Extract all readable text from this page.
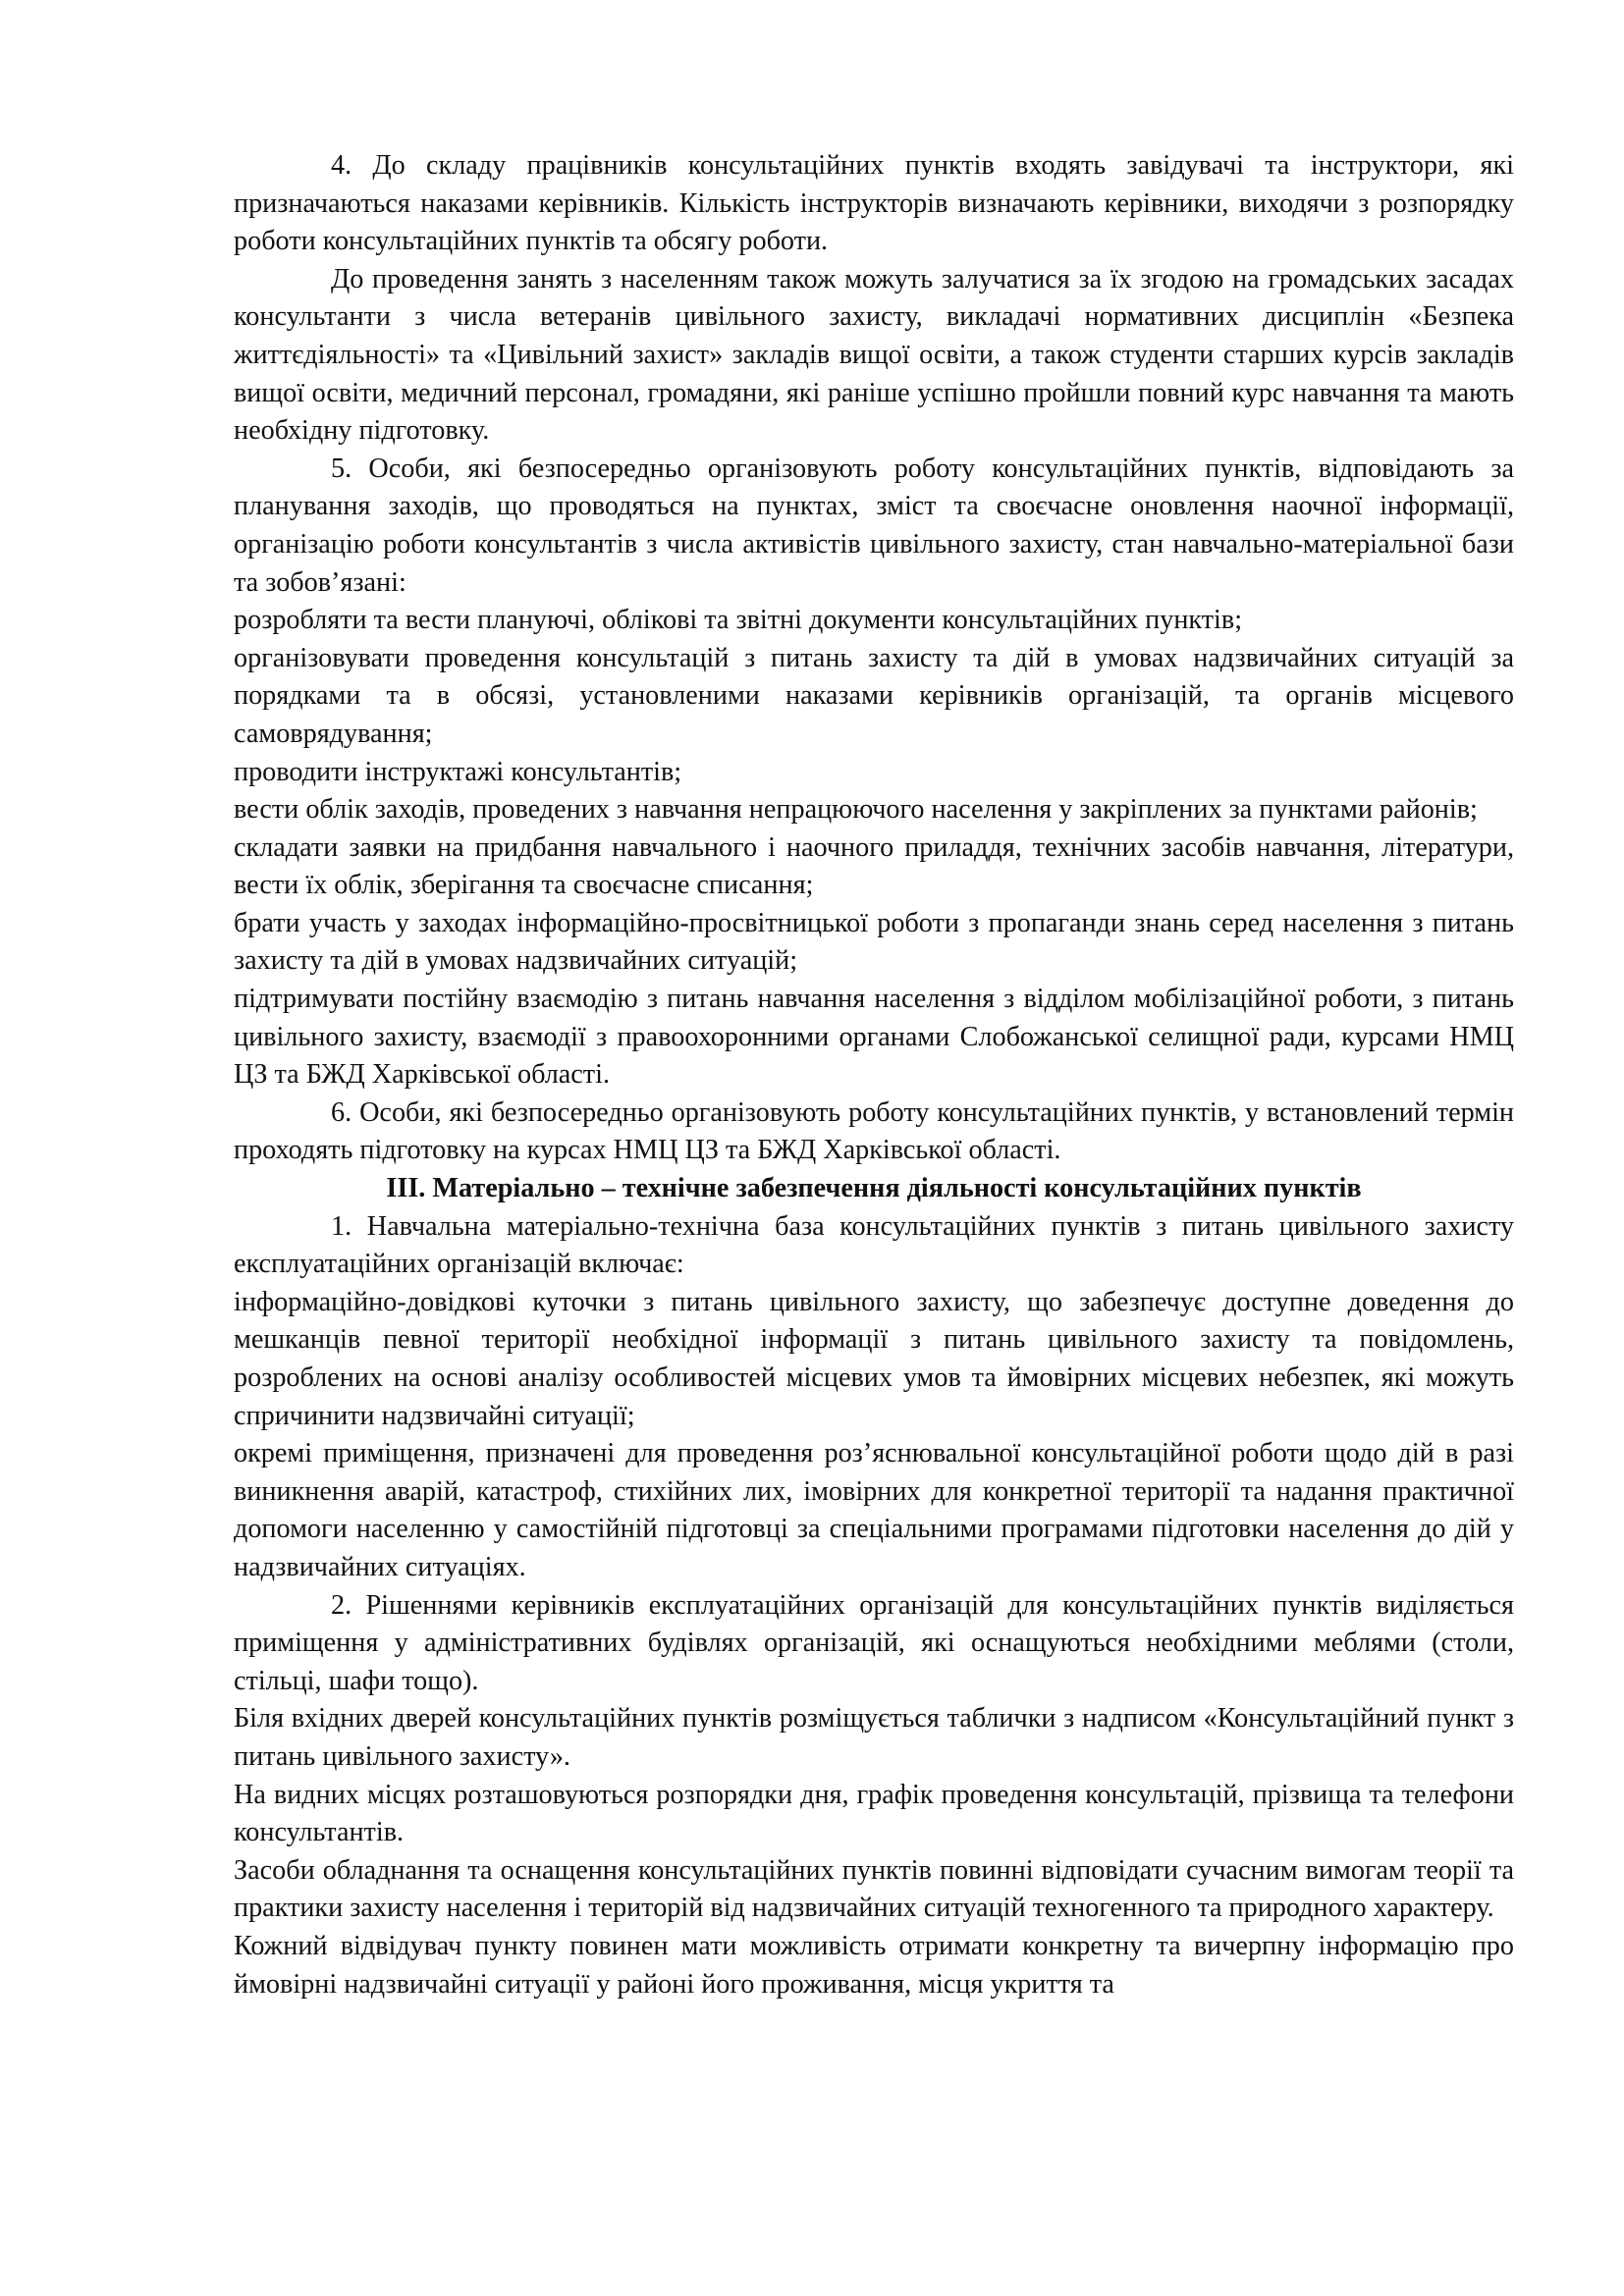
4. До складу працівників консультаційних пунктів входять завідувачі та інструктори, які призначаються наказами керівників. Кількість інструкторів визначають керівники, виходячи з розпорядку роботи консультаційних пунктів та обсягу роботи.

До проведення занять з населенням також можуть залучатися за їх згодою на громадських засадах консультанти з числа ветеранів цивільного захисту, викладачі нормативних дисциплін «Безпека життєдіяльності» та «Цивільний захист» закладів вищої освіти, а також студенти старших курсів закладів вищої освіти, медичний персонал, громадяни, які раніше успішно пройшли повний курс навчання та мають необхідну підготовку.

5. Особи, які безпосередньо організовують роботу консультаційних пунктів, відповідають за планування заходів, що проводяться на пунктах, зміст та своєчасне оновлення наочної інформації, організацію роботи консультантів з числа активістів цивільного захисту, стан навчально-матеріальної бази та зобов’язані:

розробляти та вести плануючі, облікові та звітні документи консультаційних пунктів;

організовувати проведення консультацій з питань захисту та дій в умовах надзвичайних ситуацій за порядками та в обсязі, установленими наказами керівників організацій, та органів місцевого самоврядування;

проводити інструктажі консультантів;

вести облік заходів, проведених з навчання непрацюючого населення у закріплених за пунктами районів;

складати заявки на придбання навчального і наочного приладдя, технічних засобів навчання, літератури, вести їх облік, зберігання та своєчасне списання;

брати участь у заходах інформаційно-просвітницької роботи з пропаганди знань серед населення з питань захисту та дій в умовах надзвичайних ситуацій;

підтримувати постійну взаємодію з питань навчання населення з відділом мобілізаційної роботи, з питань цивільного захисту, взаємодії з правоохоронними органами Слобожанської селищної ради, курсами НМЦ ЦЗ та БЖД Харківської області.

6. Особи, які безпосередньо організовують роботу консультаційних пунктів, у встановлений термін проходять підготовку на курсах НМЦ ЦЗ та БЖД Харківської області.

ІІІ. Матеріально – технічне забезпечення діяльності консультаційних пунктів

1. Навчальна матеріально-технічна база консультаційних пунктів з питань цивільного захисту експлуатаційних організацій включає:

інформаційно-довідкові куточки з питань цивільного захисту, що забезпечує доступне доведення до мешканців певної території необхідної інформації з питань цивільного захисту та повідомлень, розроблених на основі аналізу особливостей місцевих умов та ймовірних місцевих небезпек, які можуть спричинити надзвичайні ситуації;

окремі приміщення, призначені для проведення роз’яснювальної консультаційної роботи щодо дій в разі виникнення аварій, катастроф, стихійних лих, імовірних для конкретної території та надання практичної допомоги населенню у самостійній підготовці за спеціальними програмами підготовки населення до дій у надзвичайних ситуаціях.

2. Рішеннями керівників експлуатаційних організацій для консультаційних пунктів виділяється приміщення у адміністративних будівлях організацій, які оснащуються необхідними меблями (столи, стільці, шафи тощо).

Біля вхідних дверей консультаційних пунктів розміщується таблички з надписом «Консультаційний пункт з питань цивільного захисту».

На видних місцях розташовуються розпорядки дня, графік проведення консультацій, прізвища та телефони консультантів.

Засоби обладнання та оснащення консультаційних пунктів повинні відповідати сучасним вимогам теорії та практики захисту населення і територій від надзвичайних ситуацій техногенного та природного характеру.

Кожний відвідувач пункту повинен мати можливість отримати конкретну та вичерпну інформацію про ймовірні надзвичайні ситуації у районі його проживання, місця укриття та
